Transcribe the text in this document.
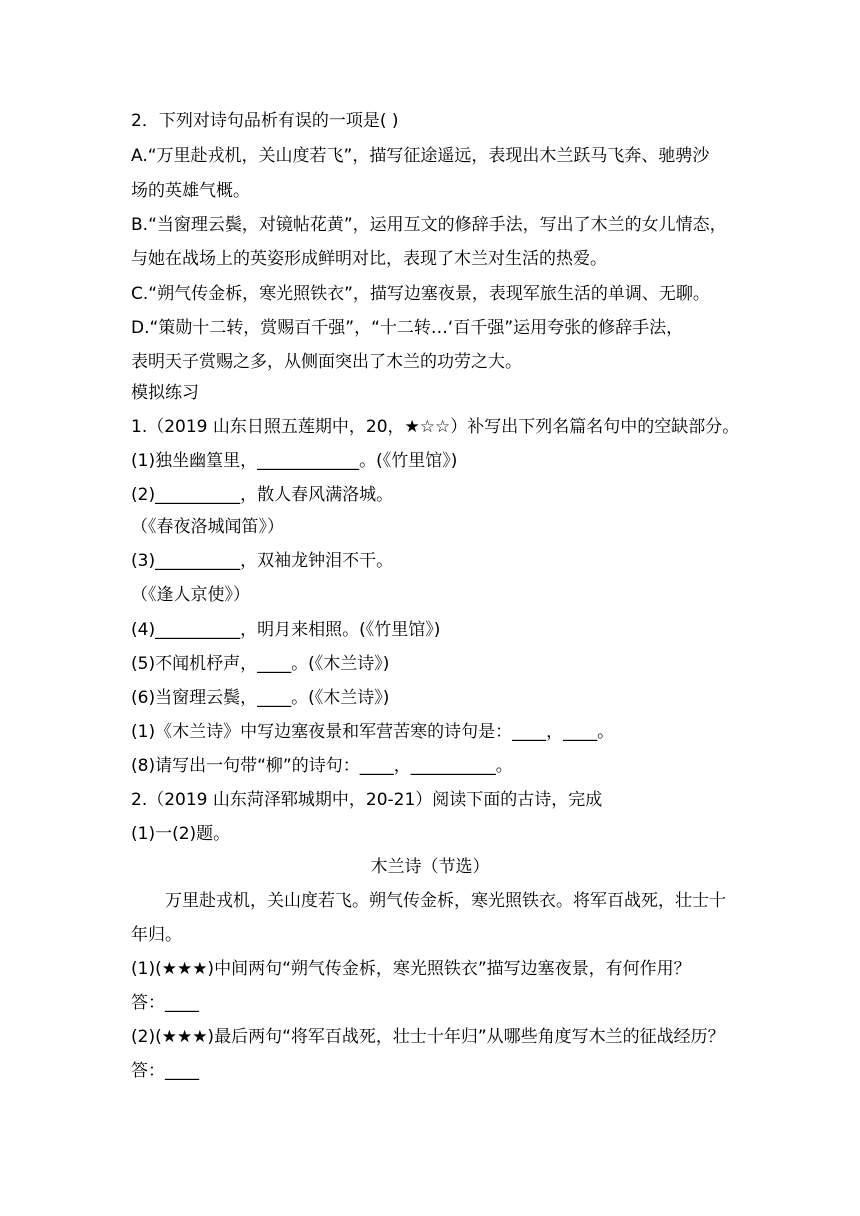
2．下列对诗句品析有误的一项是( )
A.“万里赴戎机，关山度若飞”，描写征途遥远，表现出木兰跃马飞奔、驰骋沙
场的英雄气概。
B.“当窗理云鬓，对镜帖花黄”，运用互文的修辞手法，写出了木兰的女儿情态，
与她在战场上的英姿形成鲜明对比，表现了木兰对生活的热爱。
C.“朔气传金柝，寒光照铁衣”，描写边塞夜景，表现军旅生活的单调、无聊。
D.“策勋十二转，赏赐百千强”，“十二转…‘百千强”运用夸张的修辞手法，
表明天子赏赐之多，从侧面突出了木兰的功劳之大。
模拟练习
1.（2019 山东日照五莲期中，20，★☆☆）补写出下列名篇名句中的空缺部分。
(1)独坐幽篁里，____________。(《竹里馆》)
(2)__________，散人春风满洛城。
（《春夜洛城闻笛》）
(3)__________，双袖龙钟泪不干。
（《逢人京使》）
(4)__________，明月来相照。(《竹里馆》)
(5)不闻机杼声，____。(《木兰诗》)
(6)当窗理云鬓，____。(《木兰诗》)
(1)《木兰诗》中写边塞夜景和军营苦寒的诗句是：____，____。
(8)请写出一句带“柳”的诗句：____，__________。
2.（2019 山东菏泽郓城期中，20-21）阅读下面的古诗，完成
(1)一(2)题。
木兰诗（节选）
万里赴戎机，关山度若飞。朔气传金柝，寒光照铁衣。将军百战死，壮士十
年归。
(1)(★★★)中间两句“朔气传金柝，寒光照铁衣”描写边塞夜景，有何作用？
答：____
(2)(★★★)最后两句“将军百战死，壮士十年归”从哪些角度写木兰的征战经历？
答：____
